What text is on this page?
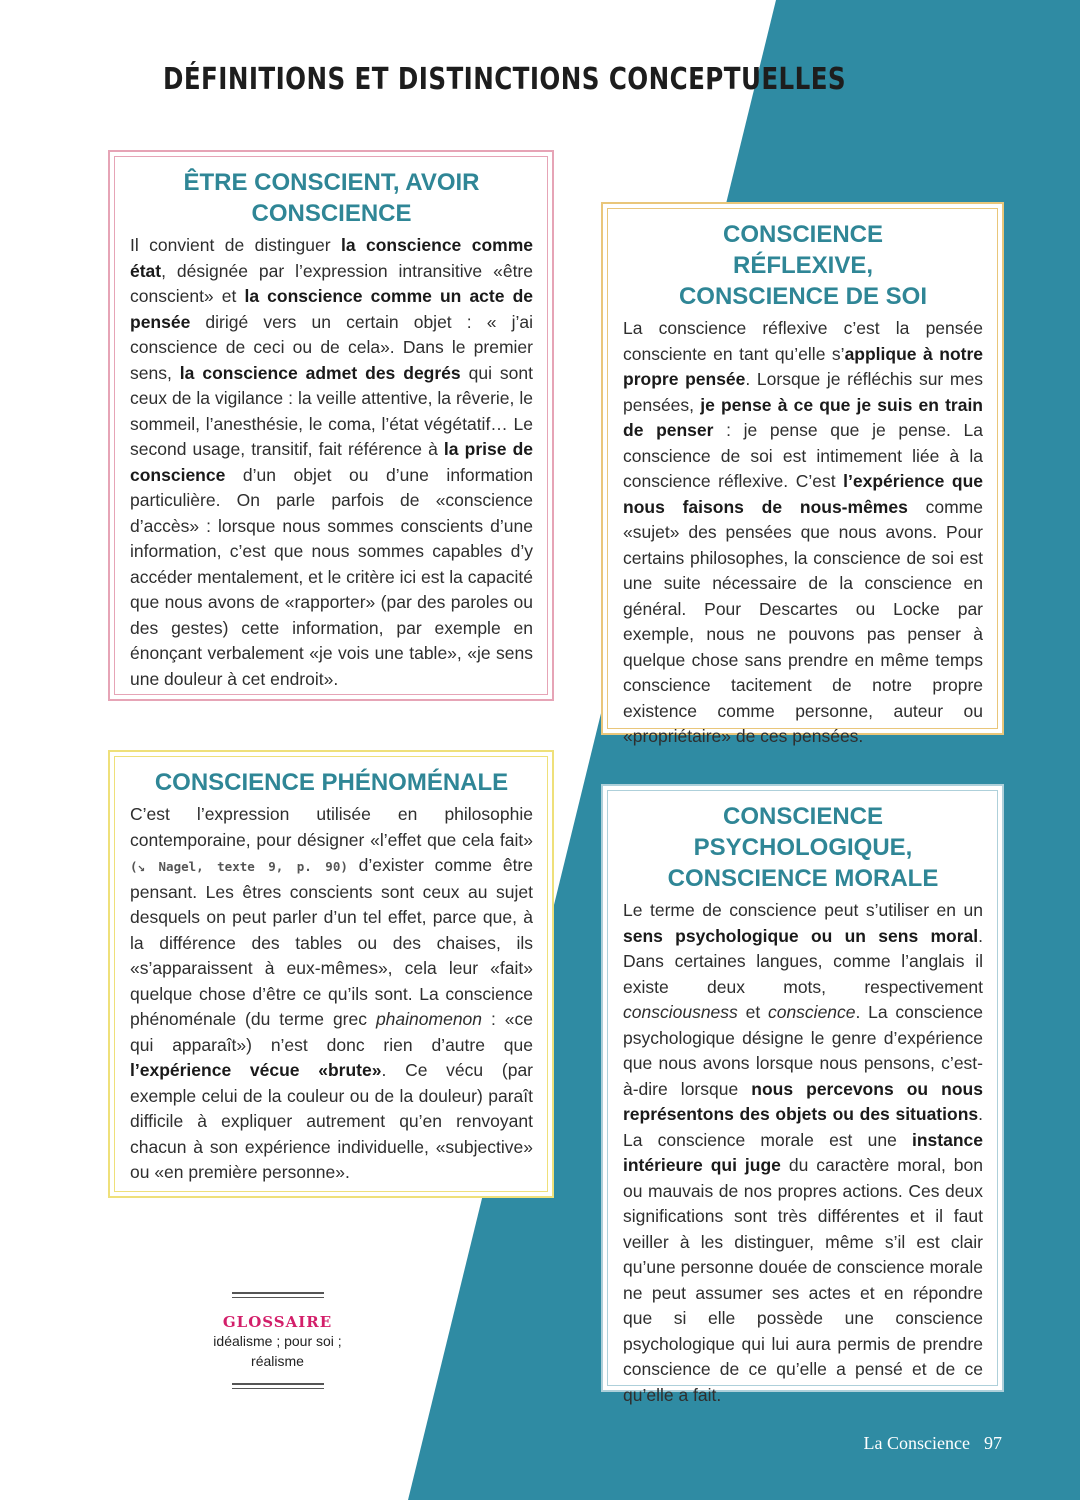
DÉFINITIONS ET DISTINCTIONS CONCEPTUELLES
ÊTRE CONSCIENT, AVOIR CONSCIENCE

Il convient de distinguer la conscience comme état, désignée par l’expression intransitive «être conscient» et la conscience comme un acte de pensée dirigé vers un certain objet : « j’ai conscience de ceci ou de cela». Dans le premier sens, la conscience admet des degrés qui sont ceux de la vigilance : la veille attentive, la rêverie, le sommeil, l’anesthésie, le coma, l’état végétatif… Le second usage, transitif, fait référence à la prise de conscience d’un objet ou d’une information particulière. On parle parfois de «conscience d’accès» : lorsque nous sommes conscients d’une information, c’est que nous sommes capables d’y accéder mentalement, et le critère ici est la capacité que nous avons de «rapporter» (par des paroles ou des gestes) cette information, par exemple en énonçant verbalement «je vois une table», «je sens une douleur à cet endroit».

CONSCIENCE RÉFLEXIVE, CONSCIENCE DE SOI

La conscience réflexive c’est la pensée consciente en tant qu’elle s’applique à notre propre pensée. Lorsque je réfléchis sur mes pensées, je pense à ce que je suis en train de penser : je pense que je pense. La conscience de soi est intimement liée à la conscience réflexive. C’est l’expérience que nous faisons de nous-mêmes comme «sujet» des pensées que nous avons. Pour certains philosophes, la conscience de soi est une suite nécessaire de la conscience en général. Pour Descartes ou Locke par exemple, nous ne pouvons pas penser à quelque chose sans prendre en même temps conscience tacitement de notre propre existence comme personne, auteur ou «propriétaire» de ces pensées.

CONSCIENCE PHÉNOMÉNALE

C’est l’expression utilisée en philosophie contemporaine, pour désigner «l’effet que cela fait» (↘ Nagel, texte 9, p. 90) d’exister comme être pensant. Les êtres conscients sont ceux au sujet desquels on peut parler d’un tel effet, parce que, à la différence des tables ou des chaises, ils «s’apparaissent à eux-mêmes», cela leur «fait» quelque chose d’être ce qu’ils sont. La conscience phénoménale (du terme grec phainomenon : «ce qui apparaît») n’est donc rien d’autre que l’expérience vécue «brute». Ce vécu (par exemple celui de la couleur ou de la douleur) paraît difficile à expliquer autrement qu’en renvoyant chacun à son expérience individuelle, «subjective» ou «en première personne».

CONSCIENCE PSYCHOLOGIQUE, CONSCIENCE MORALE

Le terme de conscience peut s’utiliser en un sens psychologique ou un sens moral. Dans certaines langues, comme l’anglais il existe deux mots, respectivement consciousness et conscience. La conscience psychologique désigne le genre d’expérience que nous avons lorsque nous pensons, c’est-à-dire lorsque nous percevons ou nous représentons des objets ou des situations. La conscience morale est une instance intérieure qui juge du caractère moral, bon ou mauvais de nos propres actions. Ces deux significations sont très différentes et il faut veiller à les distinguer, même s’il est clair qu’une personne douée de conscience morale ne peut assumer ses actes et en répondre que si elle possède une conscience psychologique qui lui aura permis de prendre conscience de ce qu’elle a pensé et de ce qu’elle a fait.

GLOSSAIRE
idéalisme ; pour soi ;
réalisme
La Conscience 97
